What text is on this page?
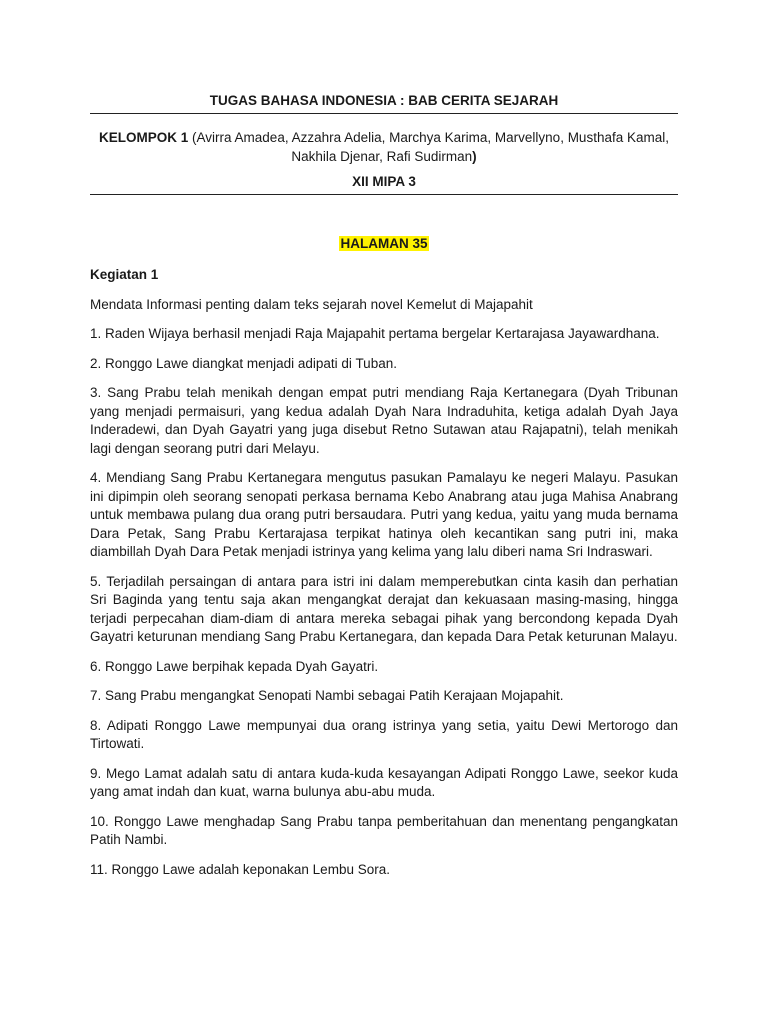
TUGAS BAHASA INDONESIA : BAB CERITA SEJARAH

KELOMPOK 1 (Avirra Amadea, Azzahra Adelia, Marchya Karima, Marvellyno, Musthafa Kamal, Nakhila Djenar, Rafi Sudirman)

XII MIPA 3

HALAMAN 35

Kegiatan 1

Mendata Informasi penting dalam teks sejarah novel Kemelut di Majapahit

1. Raden Wijaya berhasil menjadi Raja Majapahit pertama bergelar Kertarajasa Jayawardhana.
2. Ronggo Lawe diangkat menjadi adipati di Tuban.
3. Sang Prabu telah menikah dengan empat putri mendiang Raja Kertanegara (Dyah Tribunan yang menjadi permaisuri, yang kedua adalah Dyah Nara Indraduhita, ketiga adalah Dyah Jaya Inderadewi, dan Dyah Gayatri yang juga disebut Retno Sutawan atau Rajapatni), telah menikah lagi dengan seorang putri dari Melayu.
4. Mendiang Sang Prabu Kertanegara mengutus pasukan Pamalayu ke negeri Malayu. Pasukan ini dipimpin oleh seorang senopati perkasa bernama Kebo Anabrang atau juga Mahisa Anabrang untuk membawa pulang dua orang putri bersaudara. Putri yang kedua, yaitu yang muda bernama Dara Petak, Sang Prabu Kertarajasa terpikat hatinya oleh kecantikan sang putri ini, maka diambillah Dyah Dara Petak menjadi istrinya yang kelima yang lalu diberi nama Sri Indraswari.
5. Terjadilah persaingan di antara para istri ini dalam memperebutkan cinta kasih dan perhatian Sri Baginda yang tentu saja akan mengangkat derajat dan kekuasaan masing-masing, hingga terjadi perpecahan diam-diam di antara mereka sebagai pihak yang bercondong kepada Dyah Gayatri keturunan mendiang Sang Prabu Kertanegara, dan kepada Dara Petak keturunan Malayu.
6. Ronggo Lawe berpihak kepada Dyah Gayatri.
7. Sang Prabu mengangkat Senopati Nambi sebagai Patih Kerajaan Mojapahit.
8. Adipati Ronggo Lawe mempunyai dua orang istrinya yang setia, yaitu Dewi Mertorogo dan Tirtowati.
9. Mego Lamat adalah satu di antara kuda-kuda kesayangan Adipati Ronggo Lawe, seekor kuda yang amat indah dan kuat, warna bulunya abu-abu muda.
10. Ronggo Lawe menghadap Sang Prabu tanpa pemberitahuan dan menentang pengangkatan Patih Nambi.
11. Ronggo Lawe adalah keponakan Lembu Sora.
